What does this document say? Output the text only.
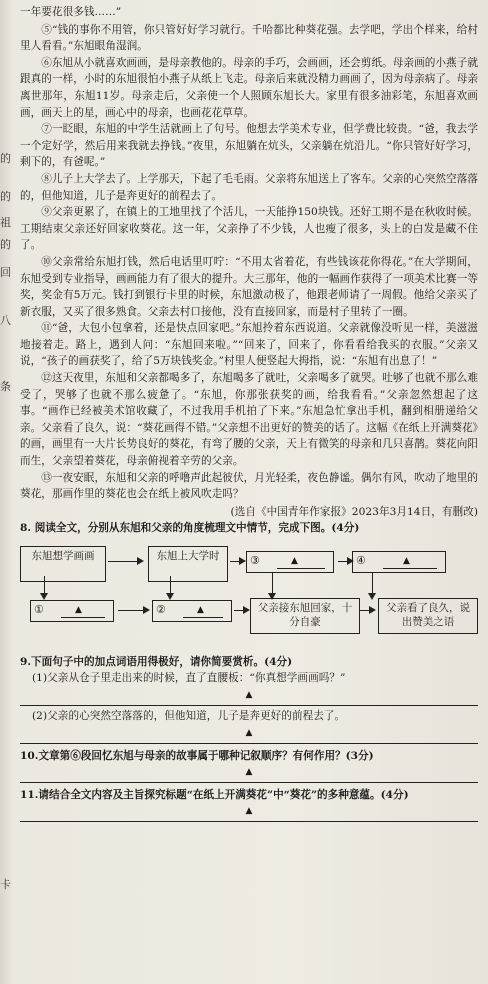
的
的
祖
的
回
八
条
卡

一年要花很多钱……”

⑤“钱的事你不用管，你只管好好学习就行。千哈都比种葵花强。去学吧，学出个样来，给村里人看看。”东旭眼角湿润。

⑥东旭从小就喜欢画画，是母亲教他的。母亲的手巧，会画画，还会剪纸。母亲画的小燕子就跟真的一样，小时的东旭很怕小燕子从纸上飞走。母亲后来就没精力画画了，因为母亲病了。母亲离世那年，东旭11岁。母亲走后，父亲使一个人照顾东旭长大。家里有很多油彩笔，东旭喜欢画画，画天上的星，画心中的母亲，也画花花草草。

⑦一眨眼，东旭的中学生活就画上了句号。他想去学美术专业，但学费比较贵。“爸，我去学一个定好学，然后用来我就去挣钱。”夜里，东旭躺在炕头，父亲躺在炕沿儿。“你只管好好学习，剩下的，有爸呢。”

⑧儿子上大学去了。上学那天，下起了毛毛雨。父亲将东旭送上了客车。父亲的心突然空落落的，但他知道，儿子是奔更好的前程去了。

⑨父亲更累了，在镇上的工地里找了个活儿，一天能挣150块钱。还好工期不是在秋收时候。工期结束父亲还好回家收葵花。这一年，父亲挣了不少钱，人也瘦了很多，头上的白发是藏不住了。

⑩父亲常给东旭打钱，然后电话里叮咛：“不用太省着花，有些钱该花你得花。”在大学期间，东旭受到专业指导，画画能力有了很大的提升。大三那年，他的一幅画作获得了一项美术比赛一等奖，奖金有5万元。钱打到银行卡里的时候，东旭激动极了，他跟老师请了一周假。他给父亲买了新衣服，又买了很多熟食。父亲去村口接他，没有直接回家，而是村子里转了一圈。

⑪“爸，大包小包拿着，还是快点回家吧。”东旭拎着东西说道。父亲就像没听见一样，美滋滋地接着走。路上，遇到人问：“东旭回来啦。”“回来了，回来了，你看看给我买的衣服。”父亲又说，“孩子的画获奖了，给了5万块钱奖金。”村里人便竖起大拇指，说：“东旭有出息了！”

⑫这天夜里，东旭和父亲都喝多了，东旭喝多了就吐，父亲喝多了就哭。吐够了也就不那么难受了，哭够了也就不那么疲惫了。“东旭，你那张获奖的画，给我看看。”父亲忽然想起了这事。“画作已经被美术馆收藏了，不过我用手机拍了下来。”东旭急忙拿出手机，翻到相册递给父亲。父亲看了良久，说：“葵花画得不错。”父亲想不出更好的赞美的话了。这幅《在纸上开满葵花》的画，画里有一大片长势良好的葵花，有弯了腰的父亲，天上有微笑的母亲和几只喜鹊。葵花向阳而生，父亲望着葵花，母亲俯视着辛劳的父亲。

⑬一夜安眠，东旭和父亲的呼噜声此起彼伏，月光轻柔，夜色静谧。偶尔有风，吹动了地里的葵花，那画作里的葵花也会在纸上被风吹走吗？

(选自《中国青年作家报》2023年3月14日，有删改)

8. 阅读全文，分别从东旭和父亲的角度梳理文中情节，完成下图。(4分)

东旭想学画画	东旭上大学时	③	▲	④	▲
①	▲	②	▲	父亲接东旭回家，十分自豪
父亲看了良久，说出赞美之语

9.下面句子中的加点词语用得极好，请你简要赏析。(4分)

(1)父亲从仓子里走出来的时候，直了直腰板：“你真想学画画吗？”

▲

(2)父亲的心突然空落落的，但他知道，儿子是奔更好的前程去了。

▲

10.文章第⑥段回忆东旭与母亲的故事属于哪种记叙顺序？有何作用？(3分)

▲

11.请结合全文内容及主旨探究标题“在纸上开满葵花”中“葵花”的多种意蕴。(4分)

▲
